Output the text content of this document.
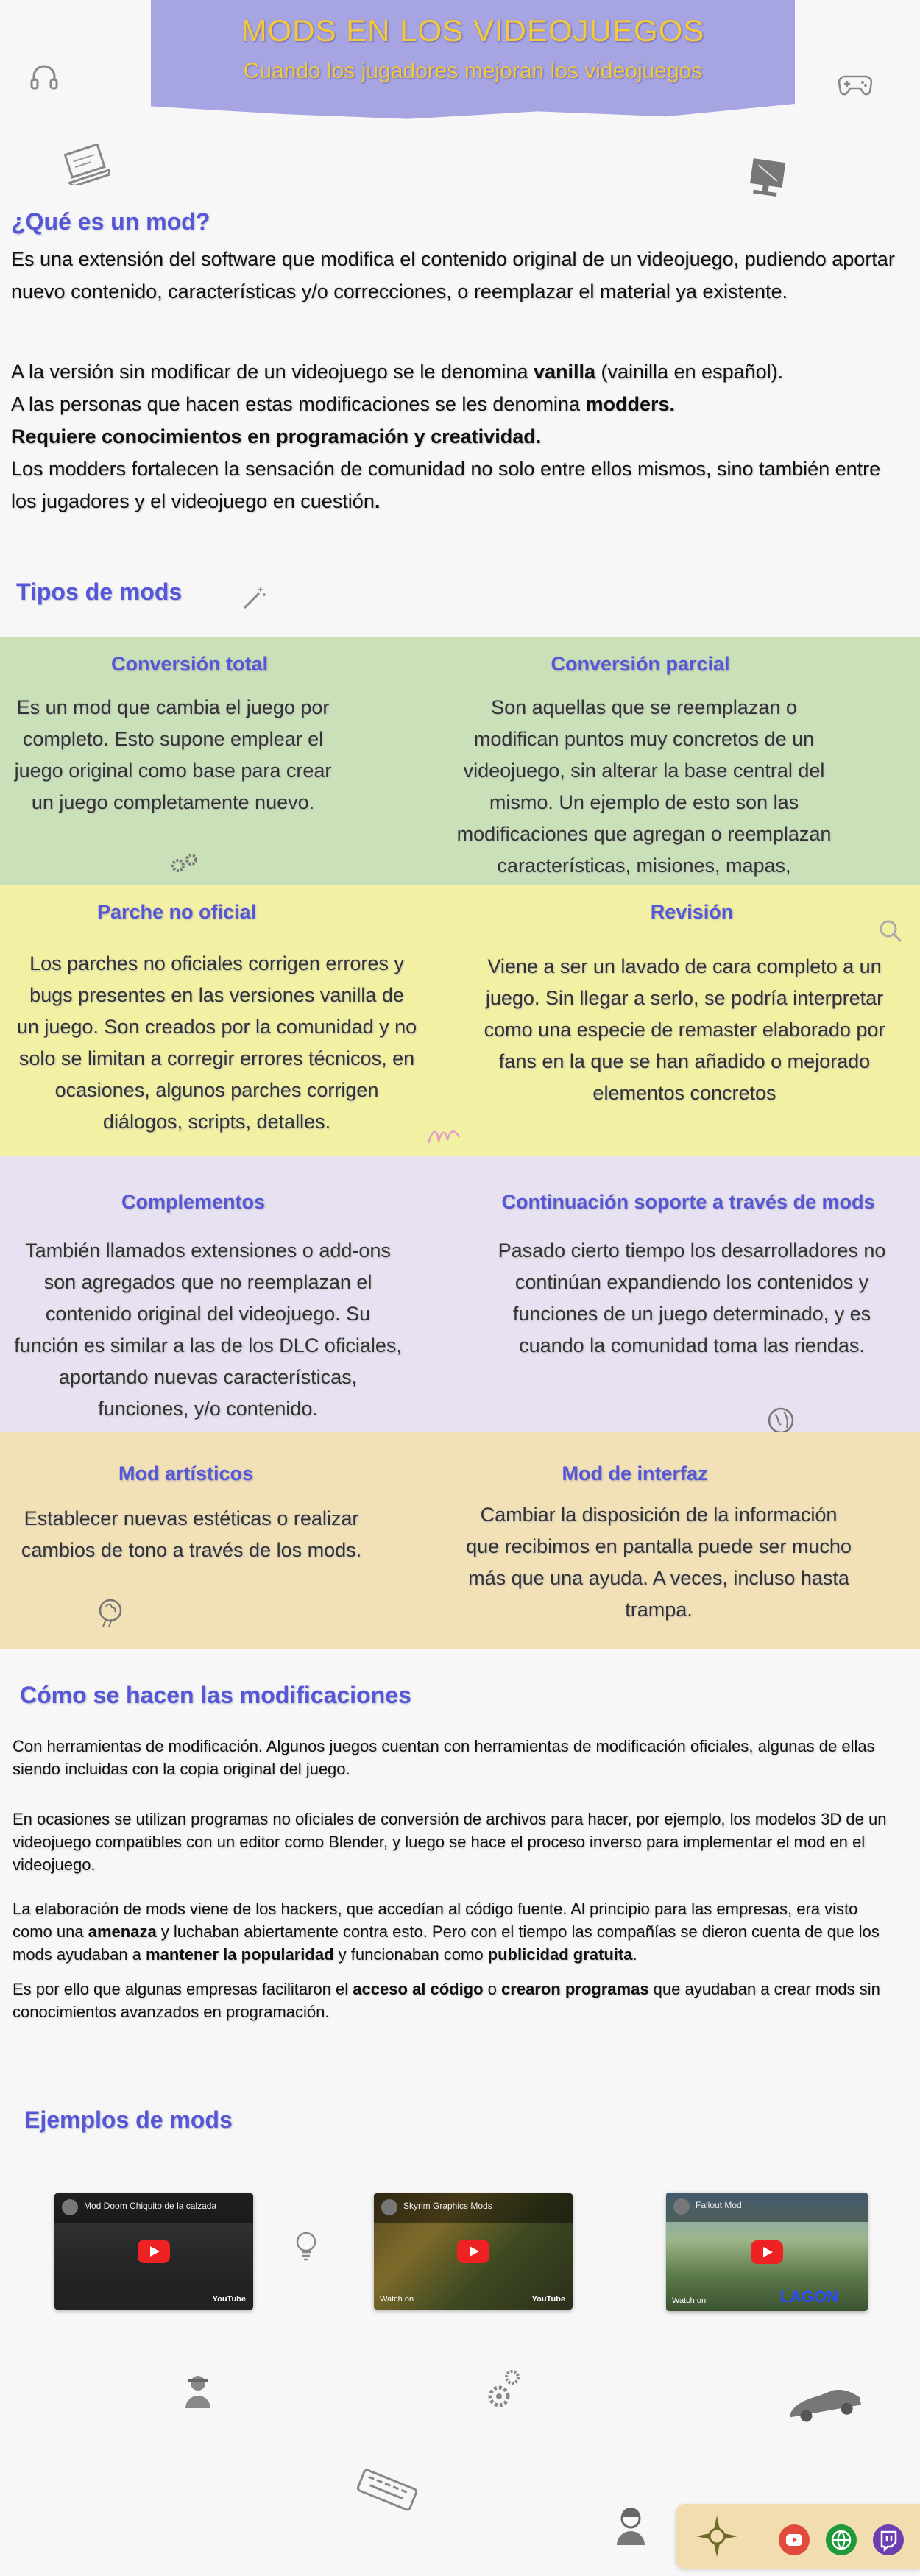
MODS EN LOS VIDEOJUEGOS
Cuando los jugadores mejoran los videojuegos
¿Qué es un mod?

Es una extensión del software que modifica el contenido original de un videojuego, pudiendo aportar nuevo contenido, características y/o correcciones, o reemplazar el material ya existente.

A la versión sin modificar de un videojuego se le denomina vanilla (vainilla en español).

A las personas que hacen estas modificaciones se les denomina modders.

Requiere conocimientos en programación y creatividad.

Los modders fortalecen la sensación de comunidad no solo entre ellos mismos, sino también entre los jugadores y el videojuego en cuestión.

Tipos de mods
Conversión total
Es un mod que cambia el juego por completo. Esto supone emplear el juego original como base para crear un juego completamente nuevo.
Conversión parcial
Son aquellas que se reemplazan o modifican puntos muy concretos de un videojuego, sin alterar la base central del mismo. Un ejemplo de esto son las modificaciones que agregan o reemplazan características, misiones, mapas,
Parche no oficial
Los parches no oficiales corrigen errores y bugs presentes en las versiones vanilla de un juego. Son creados por la comunidad y no solo se limitan a corregir errores técnicos, en ocasiones, algunos parches corrigen diálogos, scripts, detalles.
Revisión
Viene a ser un lavado de cara completo a un juego. Sin llegar a serlo, se podría interpretar como una especie de remaster elaborado por fans en la que se han añadido o mejorado elementos concretos
Complementos
También llamados extensiones o add-ons son agregados que no reemplazan el contenido original del videojuego. Su función es similar a las de los DLC oficiales, aportando nuevas características, funciones, y/o contenido.
Continuación soporte a través de mods
Pasado cierto tiempo los desarrolladores no continúan expandiendo los contenidos y funciones de un juego determinado, y es cuando la comunidad toma las riendas.
Mod artísticos
Establecer nuevas estéticas o realizar cambios de tono a través de los mods.
Mod de interfaz
Cambiar la disposición de la información que recibimos en pantalla puede ser mucho más que una ayuda. A veces, incluso hasta trampa.
Cómo se hacen las modificaciones
Con herramientas de modificación. Algunos juegos cuentan con herramientas de modificación oficiales, algunas de ellas siendo incluidas con la copia original del juego.
En ocasiones se utilizan programas no oficiales de conversión de archivos para hacer, por ejemplo, los modelos 3D de un videojuego compatibles con un editor como Blender, y luego se hace el proceso inverso para implementar el mod en el videojuego.
La elaboración de mods viene de los hackers, que accedían al código fuente. Al principio para las empresas, era visto como una amenaza y luchaban abiertamente contra esto. Pero con el tiempo las compañías se dieron cuenta de que los mods ayudaban a mantener la popularidad y funcionaban como publicidad gratuita.
Es por ello que algunas empresas facilitaron el acceso al código o crearon programas que ayudaban a crear mods sin conocimientos avanzados en programación.
Ejemplos de mods
Mod Doom Chiquito de la calzada
YouTube
Skyrim Graphics Mods
Watch on	YouTube
Fallout Mod
LAGON
Watch on
